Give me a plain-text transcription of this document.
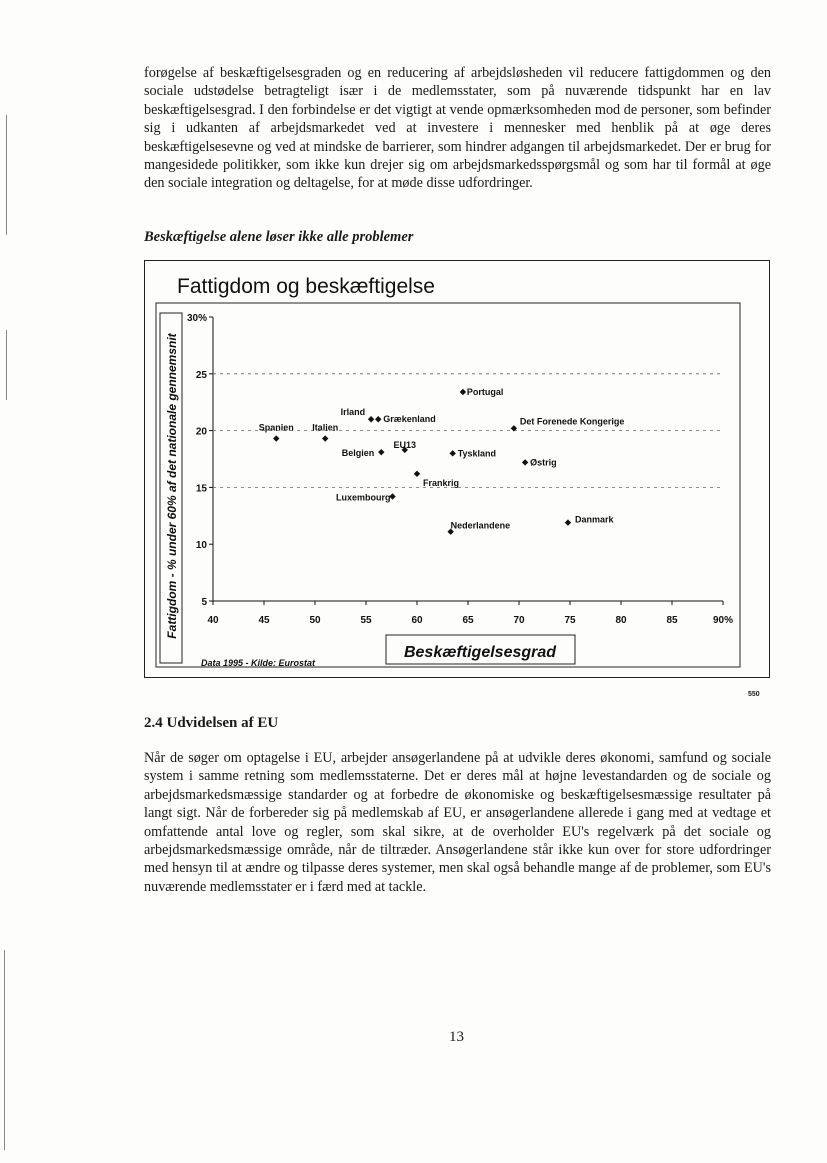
forøgelse af beskæftigelsesgraden og en reducering af arbejdsløsheden vil reducere fattigdommen og den sociale udstødelse betragteligt især i de medlemsstater, som på nuværende tidspunkt har en lav beskæftigelsesgrad. I den forbindelse er det vigtigt at vende opmærksomheden mod de personer, som befinder sig i udkanten af arbejdsmarkedet ved at investere i mennesker med henblik på at øge deres beskæftigelsesevne og ved at mindske de barrierer, som hindrer adgangen til arbejdsmarkedet. Der er brug for mangesidede politikker, som ikke kun drejer sig om arbejdsmarkedsspørgsmål og som har til formål at øge den sociale integration og deltagelse, for at møde disse udfordringer.

Beskæftigelse alene løser ikke alle problemer

Fattigdom og beskæftigelse
Fattigdom - % under 60% af det nationale gennemsnit 5
10
15
20
25
30%
40	45	50	55	60	65	70	75	80	85	90%
Portugal
Irland
Grækenland	Det Forenede Kongerige
Spanien Italien
Belgien
EU13
Tyskland
Østrig
Frankrig
Luxembourg
Nederlandene
Danmark
Data 1995 - Kilde: Eurostat
Beskæftigelsesgrad
550

2.4 Udvidelsen af EU

Når de søger om optagelse i EU, arbejder ansøgerlandene på at udvikle deres økonomi, samfund og sociale system i samme retning som medlemsstaterne. Det er deres mål at højne levestandarden og de sociale og arbejdsmarkedsmæssige standarder og at forbedre de økonomiske og beskæftigelsesmæssige resultater på langt sigt. Når de forbereder sig på medlemskab af EU, er ansøgerlandene allerede i gang med at vedtage et omfattende antal love og regler, som skal sikre, at de overholder EU's regelværk på det sociale og arbejdsmarkedsmæssige område, når de tiltræder. Ansøgerlandene står ikke kun over for store udfordringer med hensyn til at ændre og tilpasse deres systemer, men skal også behandle mange af de problemer, som EU's nuværende medlemsstater er i færd med at tackle.

13
